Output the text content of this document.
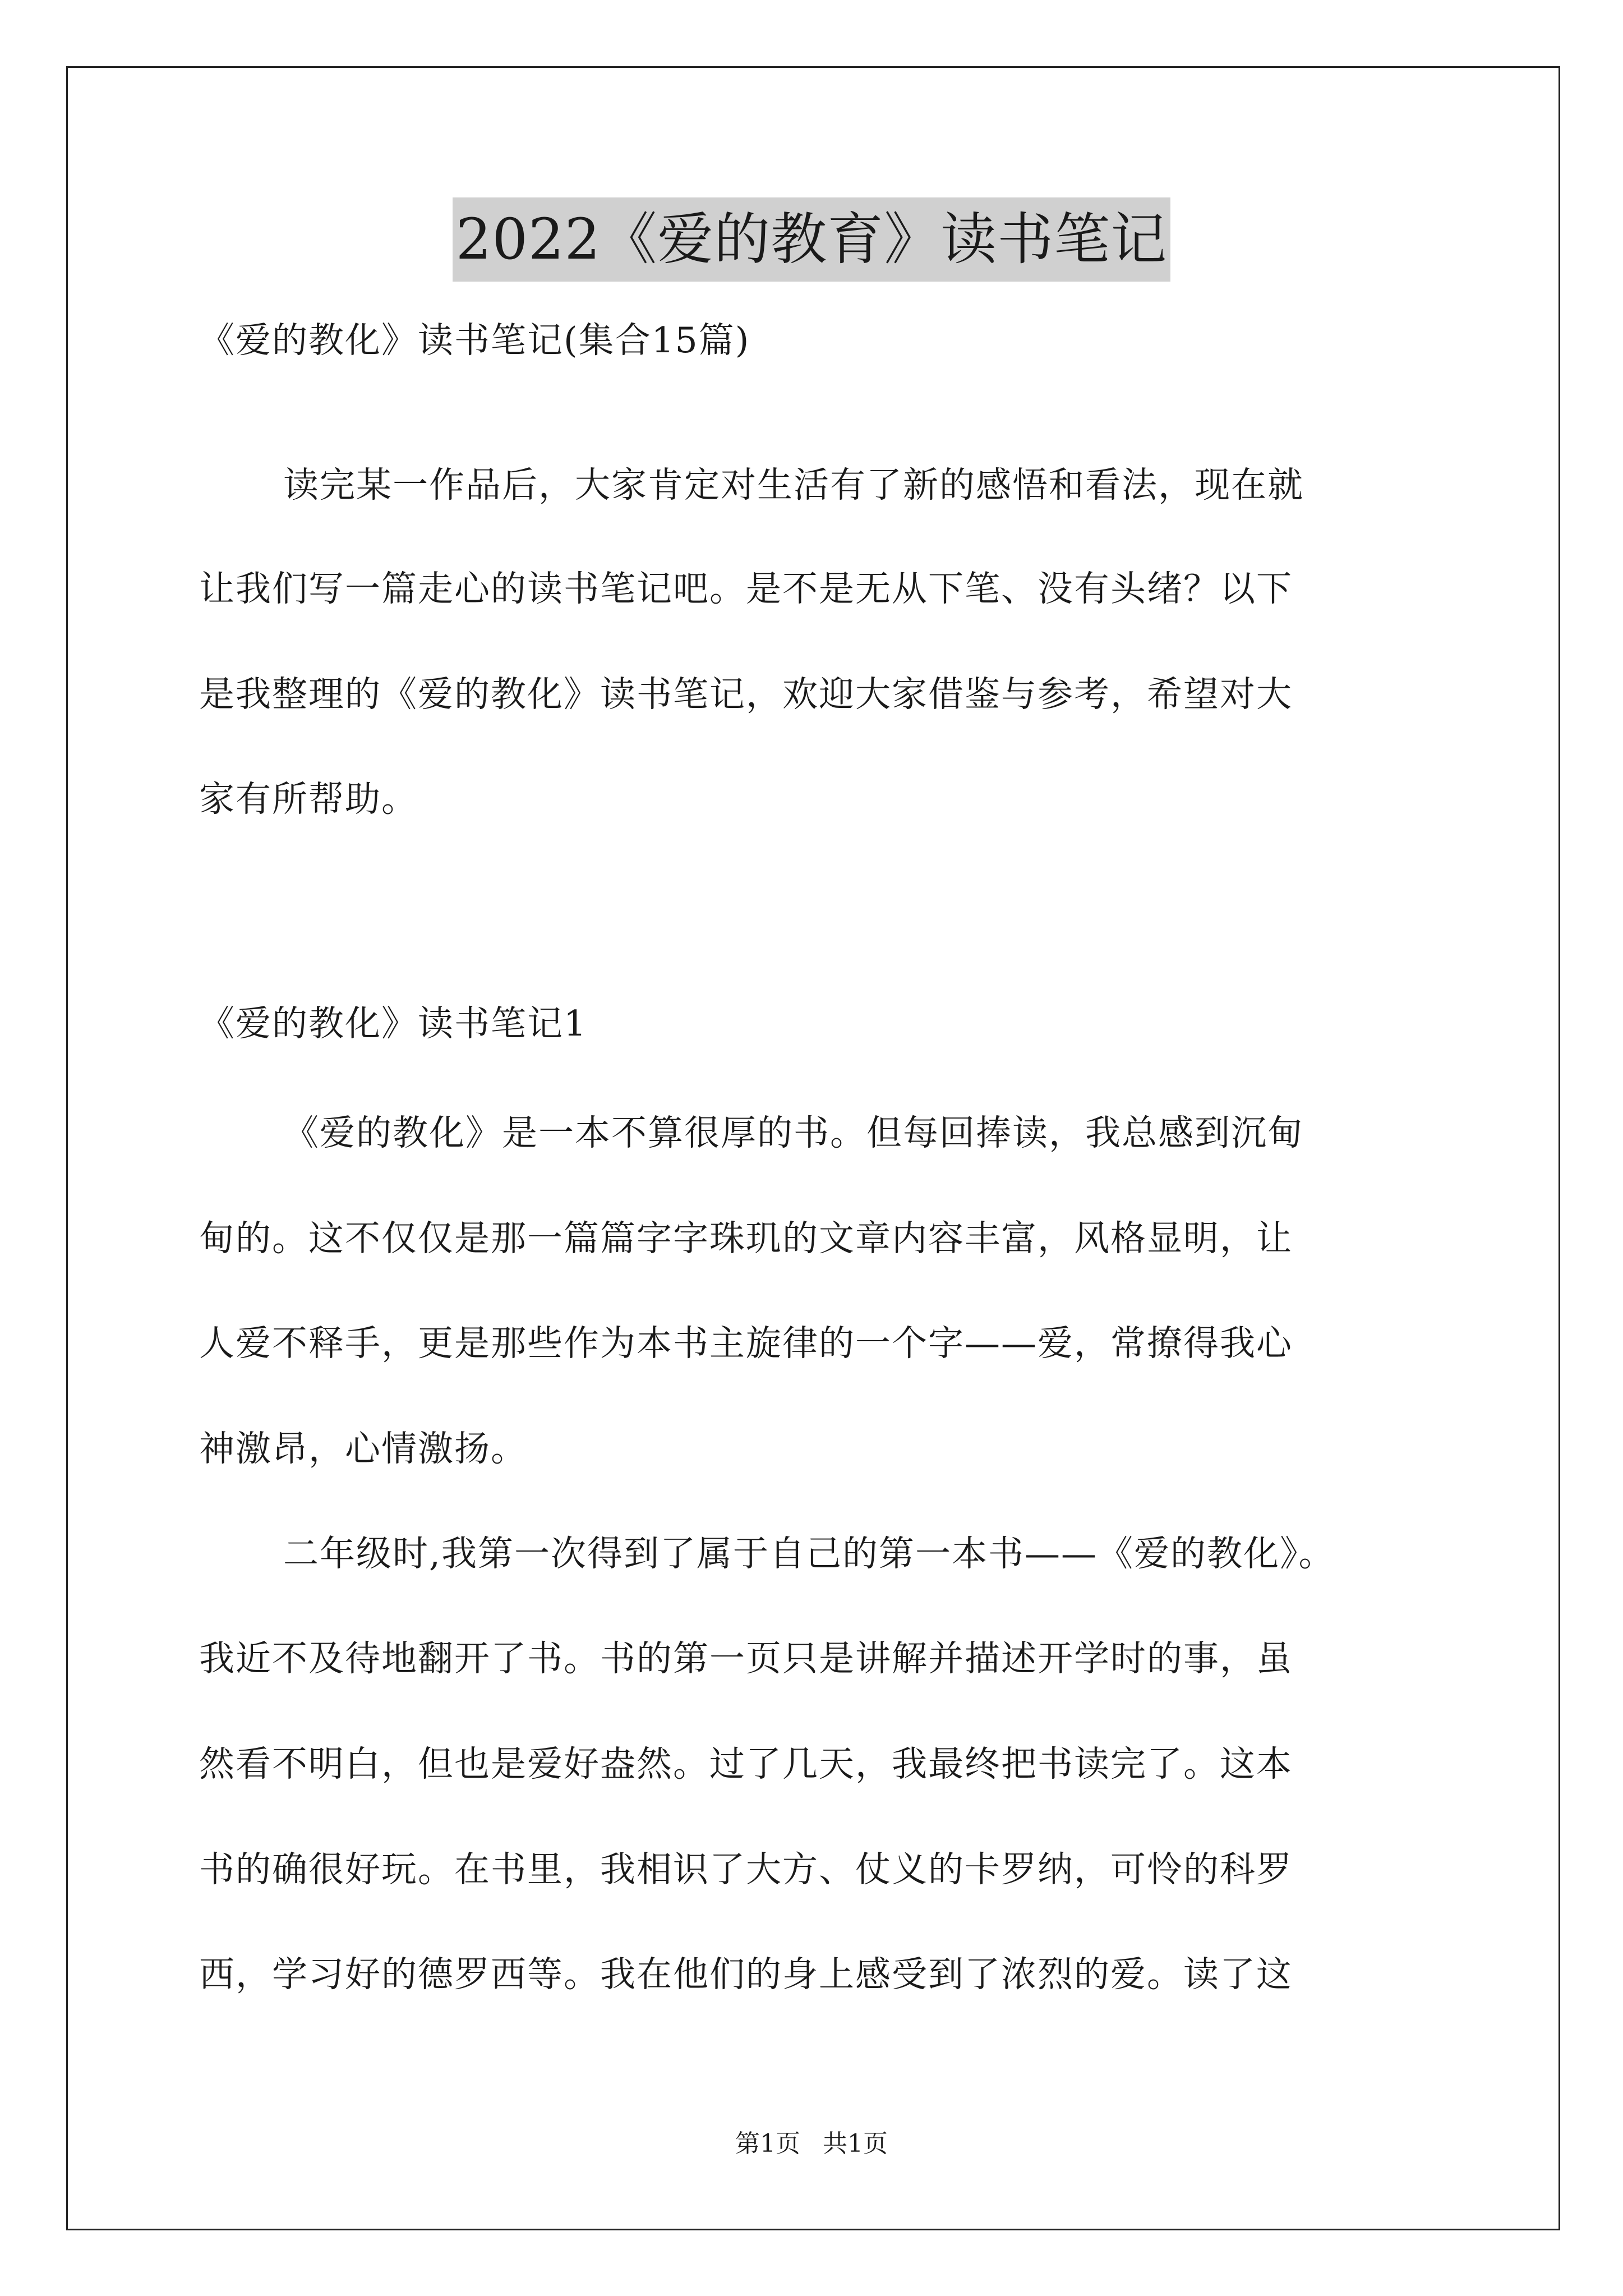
2022《爱的教育》读书笔记
《爱的教化》读书笔记(集合15篇)
读完某一作品后，大家肯定对生活有了新的感悟和看法，现在就
让我们写一篇走心的读书笔记吧。是不是无从下笔、没有头绪？以下
是我整理的《爱的教化》读书笔记，欢迎大家借鉴与参考，希望对大
家有所帮助。
《爱的教化》读书笔记1
《爱的教化》是一本不算很厚的书。但每回捧读，我总感到沉甸
甸的。这不仅仅是那一篇篇字字珠玑的文章内容丰富，风格显明，让
人爱不释手，更是那些作为本书主旋律的一个字——爱，常撩得我心
神激昂，心情激扬。
二年级时,我第一次得到了属于自己的第一本书——《爱的教化》。
我近不及待地翻开了书。书的第一页只是讲解并描述开学时的事，虽
然看不明白，但也是爱好盎然。过了几天，我最终把书读完了。这本
书的确很好玩。在书里，我相识了大方、仗义的卡罗纳，可怜的科罗
西，学习好的德罗西等。我在他们的身上感受到了浓烈的爱。读了这
第1页 共1页
